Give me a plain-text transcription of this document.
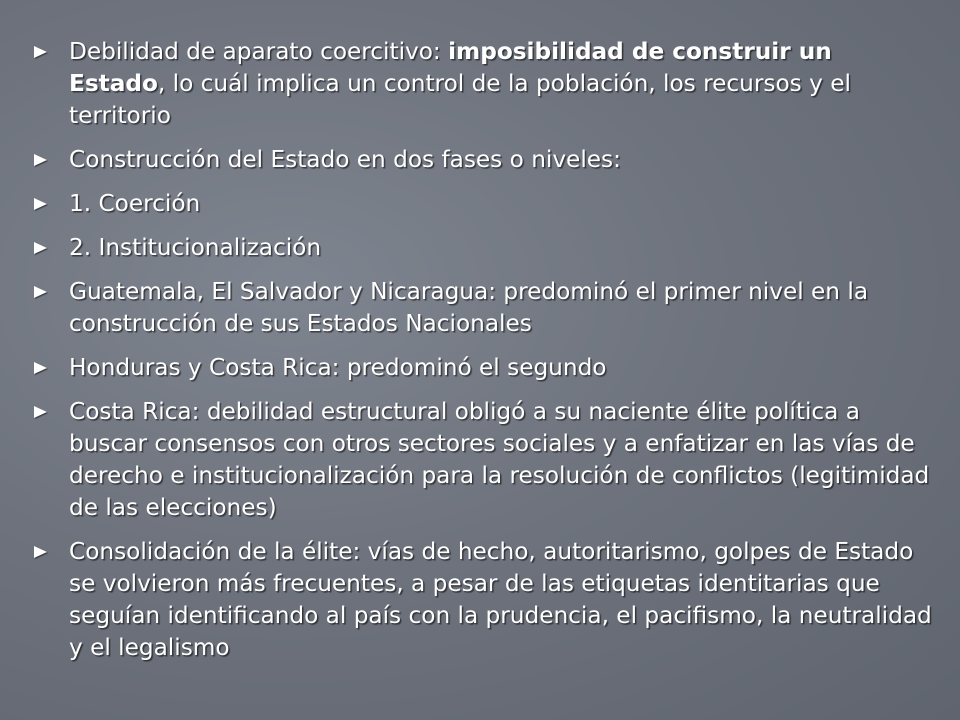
Debilidad de aparato coercitivo: imposibilidad de construir un Estado, lo cuál implica un control de la población, los recursos y el territorio
Construcción del Estado en dos fases o niveles:
1. Coerción
2. Institucionalización
Guatemala, El Salvador y Nicaragua: predominó el primer nivel en la construcción de sus Estados Nacionales
Honduras y Costa Rica: predominó el segundo
Costa Rica: debilidad estructural obligó a su naciente élite política a buscar consensos con otros sectores sociales y a enfatizar en las vías de derecho e institucionalización para la resolución de conflictos (legitimidad de las elecciones)
Consolidación de la élite: vías de hecho, autoritarismo, golpes de Estado se volvieron más frecuentes, a pesar de las etiquetas identitarias que seguían identificando al país con la prudencia, el pacifismo, la neutralidad y el legalismo
